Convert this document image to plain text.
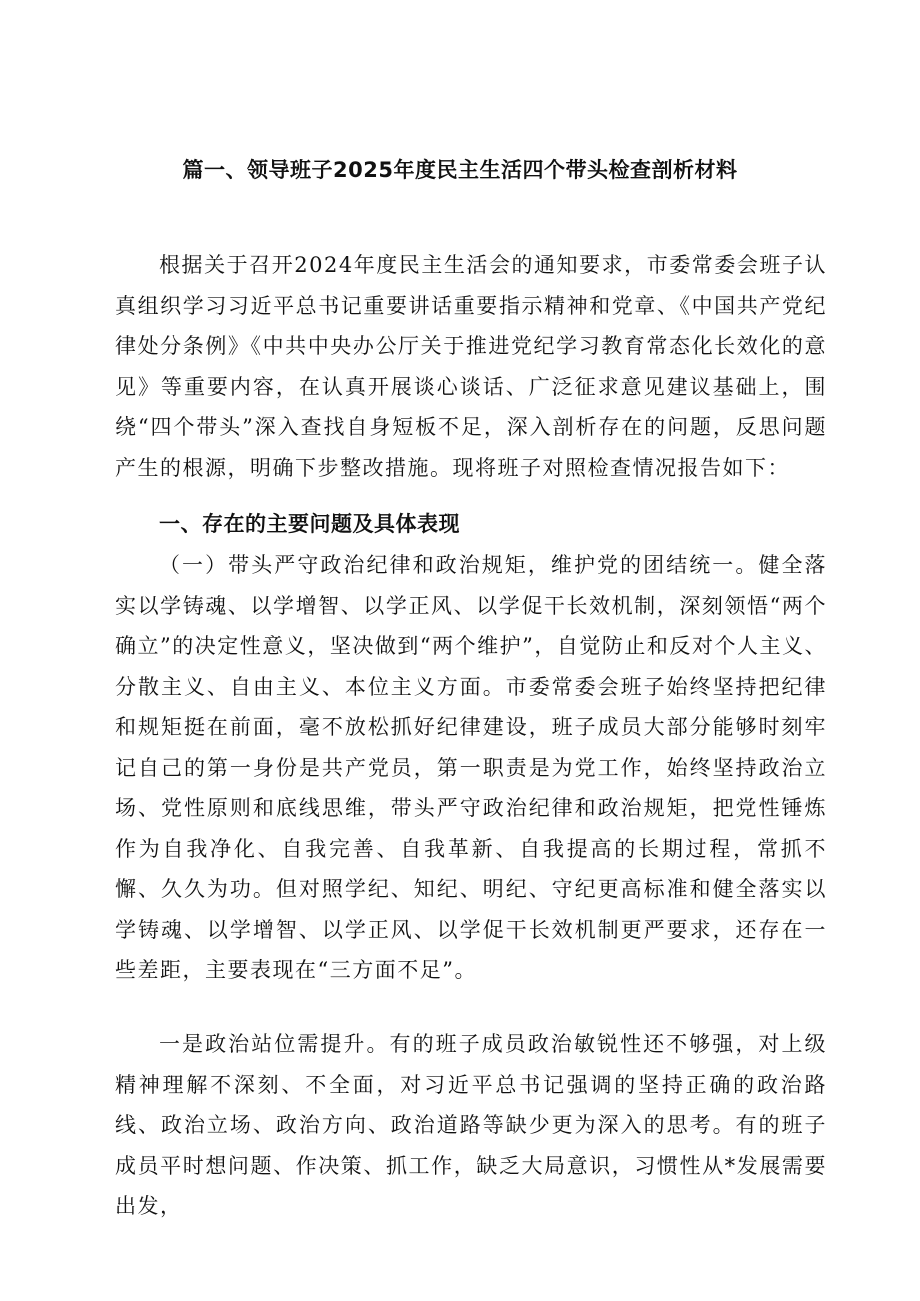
篇一、领导班子2025年度民主生活四个带头检查剖析材料

根据关于召开2024年度民主生活会的通知要求，市委常委会班子认真组织学习习近平总书记重要讲话重要指示精神和党章、《中国共产党纪律处分条例》《中共中央办公厅关于推进党纪学习教育常态化长效化的意见》等重要内容，在认真开展谈心谈话、广泛征求意见建议基础上，围绕“四个带头”深入查找自身短板不足，深入剖析存在的问题，反思问题产生的根源，明确下步整改措施。现将班子对照检查情况报告如下：

一、存在的主要问题及具体表现

（一）带头严守政治纪律和政治规矩，维护党的团结统一。健全落实以学铸魂、以学增智、以学正风、以学促干长效机制，深刻领悟“两个确立”的决定性意义，坚决做到“两个维护”，自觉防止和反对个人主义、分散主义、自由主义、本位主义方面。市委常委会班子始终坚持把纪律和规矩挺在前面，毫不放松抓好纪律建设，班子成员大部分能够时刻牢记自己的第一身份是共产党员，第一职责是为党工作，始终坚持政治立场、党性原则和底线思维，带头严守政治纪律和政治规矩，把党性锤炼作为自我净化、自我完善、自我革新、自我提高的长期过程，常抓不懈、久久为功。但对照学纪、知纪、明纪、守纪更高标准和健全落实以学铸魂、以学增智、以学正风、以学促干长效机制更严要求，还存在一些差距，主要表现在“三方面不足”。

一是政治站位需提升。有的班子成员政治敏锐性还不够强，对上级精神理解不深刻、不全面，对习近平总书记强调的坚持正确的政治路线、政治立场、政治方向、政治道路等缺少更为深入的思考。有的班子成员平时想问题、作决策、抓工作，缺乏大局意识，习惯性从*发展需要出发，
